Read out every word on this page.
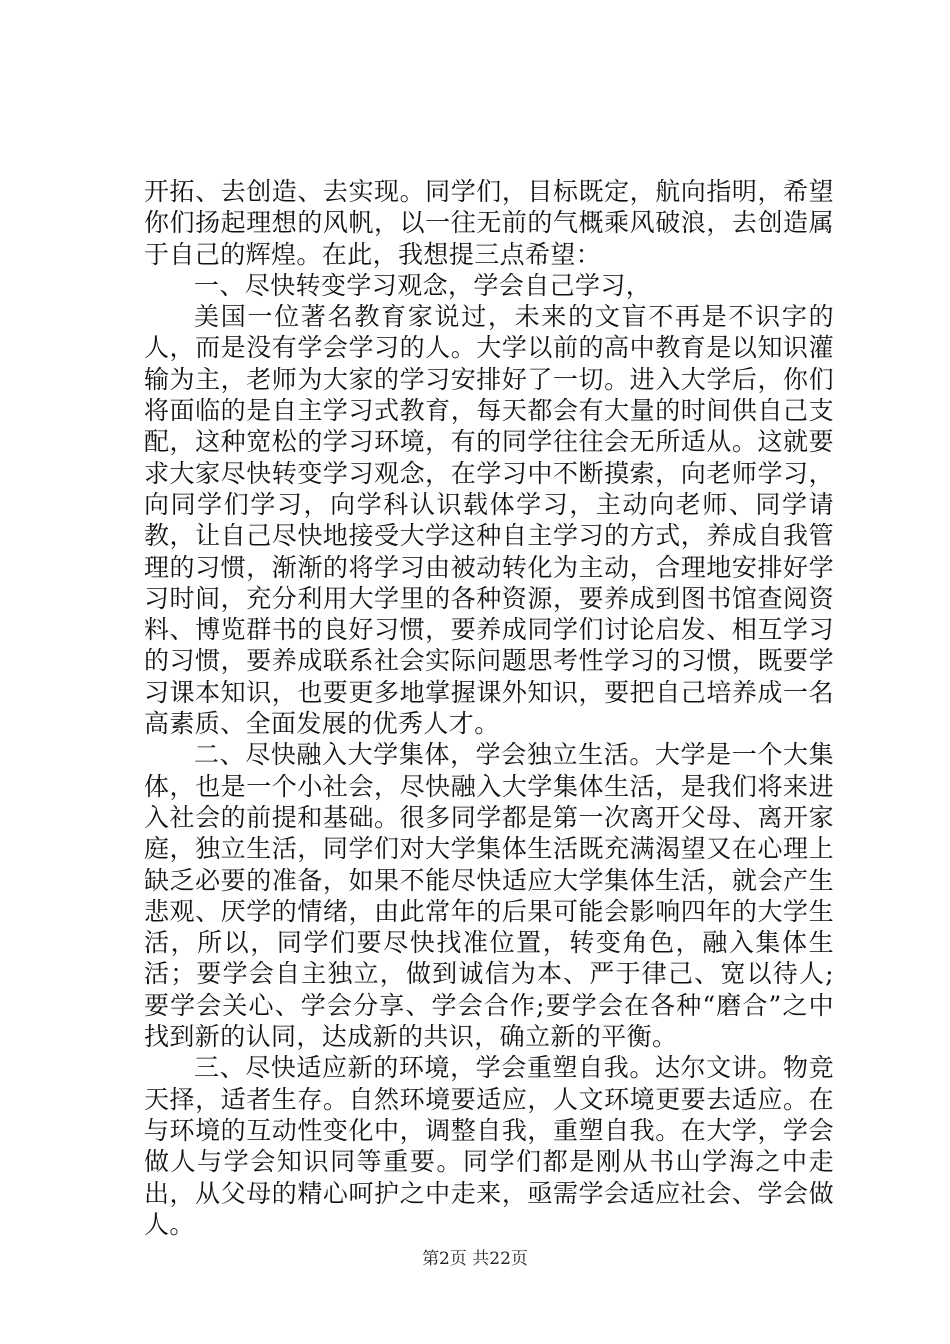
开拓、去创造、去实现。同学们，目标既定，航向指明，希望你们扬起理想的风帆，以一往无前的气概乘风破浪，去创造属于自己的辉煌。在此，我想提三点希望：

一、尽快转变学习观念，学会自己学习，

美国一位著名教育家说过，未来的文盲不再是不识字的人，而是没有学会学习的人。大学以前的高中教育是以知识灌输为主，老师为大家的学习安排好了一切。进入大学后，你们将面临的是自主学习式教育，每天都会有大量的时间供自己支配，这种宽松的学习环境，有的同学往往会无所适从。这就要求大家尽快转变学习观念，在学习中不断摸索，向老师学习，向同学们学习，向学科认识载体学习，主动向老师、同学请教，让自己尽快地接受大学这种自主学习的方式，养成自我管理的习惯，渐渐的将学习由被动转化为主动，合理地安排好学习时间，充分利用大学里的各种资源，要养成到图书馆查阅资料、博览群书的良好习惯，要养成同学们讨论启发、相互学习的习惯，要养成联系社会实际问题思考性学习的习惯，既要学习课本知识，也要更多地掌握课外知识，要把自己培养成一名高素质、全面发展的优秀人才。

二、尽快融入大学集体，学会独立生活。大学是一个大集体，也是一个小社会，尽快融入大学集体生活，是我们将来进入社会的前提和基础。很多同学都是第一次离开父母、离开家庭，独立生活，同学们对大学集体生活既充满渴望又在心理上缺乏必要的准备，如果不能尽快适应大学集体生活，就会产生悲观、厌学的情绪，由此常年的后果可能会影响四年的大学生活，所以，同学们要尽快找准位置，转变角色，融入集体生活；要学会自主独立，做到诚信为本、严于律己、宽以待人;要学会关心、学会分享、学会合作;要学会在各种“磨合”之中找到新的认同，达成新的共识，确立新的平衡。

三、尽快适应新的环境，学会重塑自我。达尔文讲。物竞天择，适者生存。自然环境要适应，人文环境更要去适应。在与环境的互动性变化中，调整自我，重塑自我。在大学，学会做人与学会知识同等重要。同学们都是刚从书山学海之中走出，从父母的精心呵护之中走来，亟需学会适应社会、学会做人。

第2页 共22页
